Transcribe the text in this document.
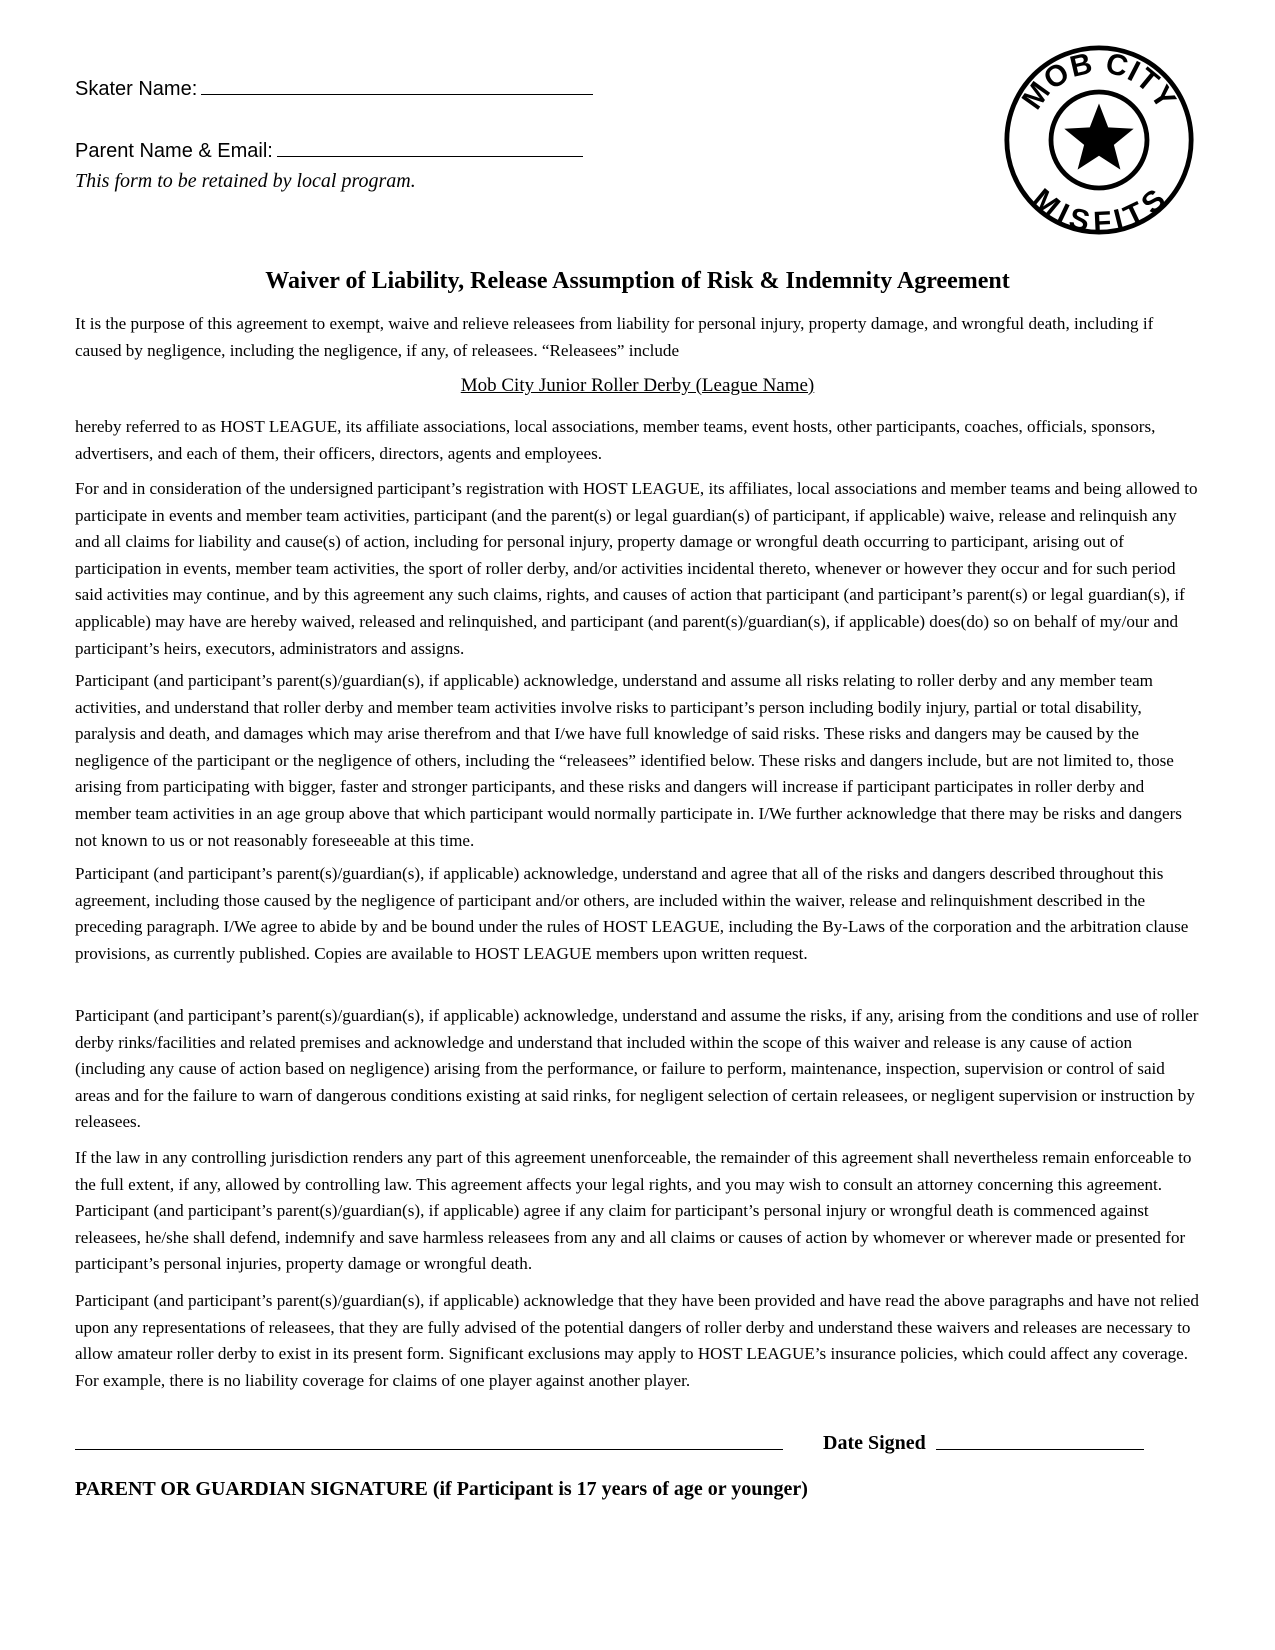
Skater Name:
Parent Name & Email:
This form to be retained by local program.
MOB CITY
MISFITS
Waiver of Liability, Release Assumption of Risk & Indemnity Agreement

It is the purpose of this agreement to exempt, waive and relieve releasees from liability for personal injury, property damage, and wrongful death, including if caused by negligence, including the negligence, if any, of releasees. “Releasees” include

Mob City Junior Roller Derby (League Name)

hereby referred to as HOST LEAGUE, its affiliate associations, local associations, member teams, event hosts, other participants, coaches, officials, sponsors, advertisers, and each of them, their officers, directors, agents and employees.

For and in consideration of the undersigned participant’s registration with HOST LEAGUE, its affiliates, local associations and member teams and being allowed to participate in events and member team activities, participant (and the parent(s) or legal guardian(s) of participant, if applicable) waive, release and relinquish any and all claims for liability and cause(s) of action, including for personal injury, property damage or wrongful death occurring to participant, arising out of participation in events, member team activities, the sport of roller derby, and/or activities incidental thereto, whenever or however they occur and for such period said activities may continue, and by this agreement any such claims, rights, and causes of action that participant (and participant’s parent(s) or legal guardian(s), if applicable) may have are hereby waived, released and relinquished, and participant (and parent(s)/guardian(s), if applicable) does(do) so on behalf of my/our and participant’s heirs, executors, administrators and assigns.

Participant (and participant’s parent(s)/guardian(s), if applicable) acknowledge, understand and assume all risks relating to roller derby and any member team activities, and understand that roller derby and member team activities involve risks to participant’s person including bodily injury, partial or total disability, paralysis and death, and damages which may arise therefrom and that I/we have full knowledge of said risks. These risks and dangers may be caused by the negligence of the participant or the negligence of others, including the “releasees” identified below. These risks and dangers include, but are not limited to, those arising from participating with bigger, faster and stronger participants, and these risks and dangers will increase if participant participates in roller derby and member team activities in an age group above that which participant would normally participate in. I/We further acknowledge that there may be risks and dangers not known to us or not reasonably foreseeable at this time.

Participant (and participant’s parent(s)/guardian(s), if applicable) acknowledge, understand and agree that all of the risks and dangers described throughout this agreement, including those caused by the negligence of participant and/or others, are included within the waiver, release and relinquishment described in the preceding paragraph. I/We agree to abide by and be bound under the rules of HOST LEAGUE, including the By-Laws of the corporation and the arbitration clause provisions, as currently published. Copies are available to HOST LEAGUE members upon written request.

Participant (and participant’s parent(s)/guardian(s), if applicable) acknowledge, understand and assume the risks, if any, arising from the conditions and use of roller derby rinks/facilities and related premises and acknowledge and understand that included within the scope of this waiver and release is any cause of action (including any cause of action based on negligence) arising from the performance, or failure to perform, maintenance, inspection, supervision or control of said areas and for the failure to warn of dangerous conditions existing at said rinks, for negligent selection of certain releasees, or negligent supervision or instruction by releasees.

If the law in any controlling jurisdiction renders any part of this agreement unenforceable, the remainder of this agreement shall nevertheless remain enforceable to the full extent, if any, allowed by controlling law. This agreement affects your legal rights, and you may wish to consult an attorney concerning this agreement. Participant (and participant’s parent(s)/guardian(s), if applicable) agree if any claim for participant’s personal injury or wrongful death is commenced against releasees, he/she shall defend, indemnify and save harmless releasees from any and all claims or causes of action by whomever or wherever made or presented for participant’s personal injuries, property damage or wrongful death.

Participant (and participant’s parent(s)/guardian(s), if applicable) acknowledge that they have been provided and have read the above paragraphs and have not relied upon any representations of releasees, that they are fully advised of the potential dangers of roller derby and understand these waivers and releases are necessary to allow amateur roller derby to exist in its present form. Significant exclusions may apply to HOST LEAGUE’s insurance policies, which could affect any coverage. For example, there is no liability coverage for claims of one player against another player.

Date Signed
PARENT OR GUARDIAN SIGNATURE (if Participant is 17 years of age or younger)
